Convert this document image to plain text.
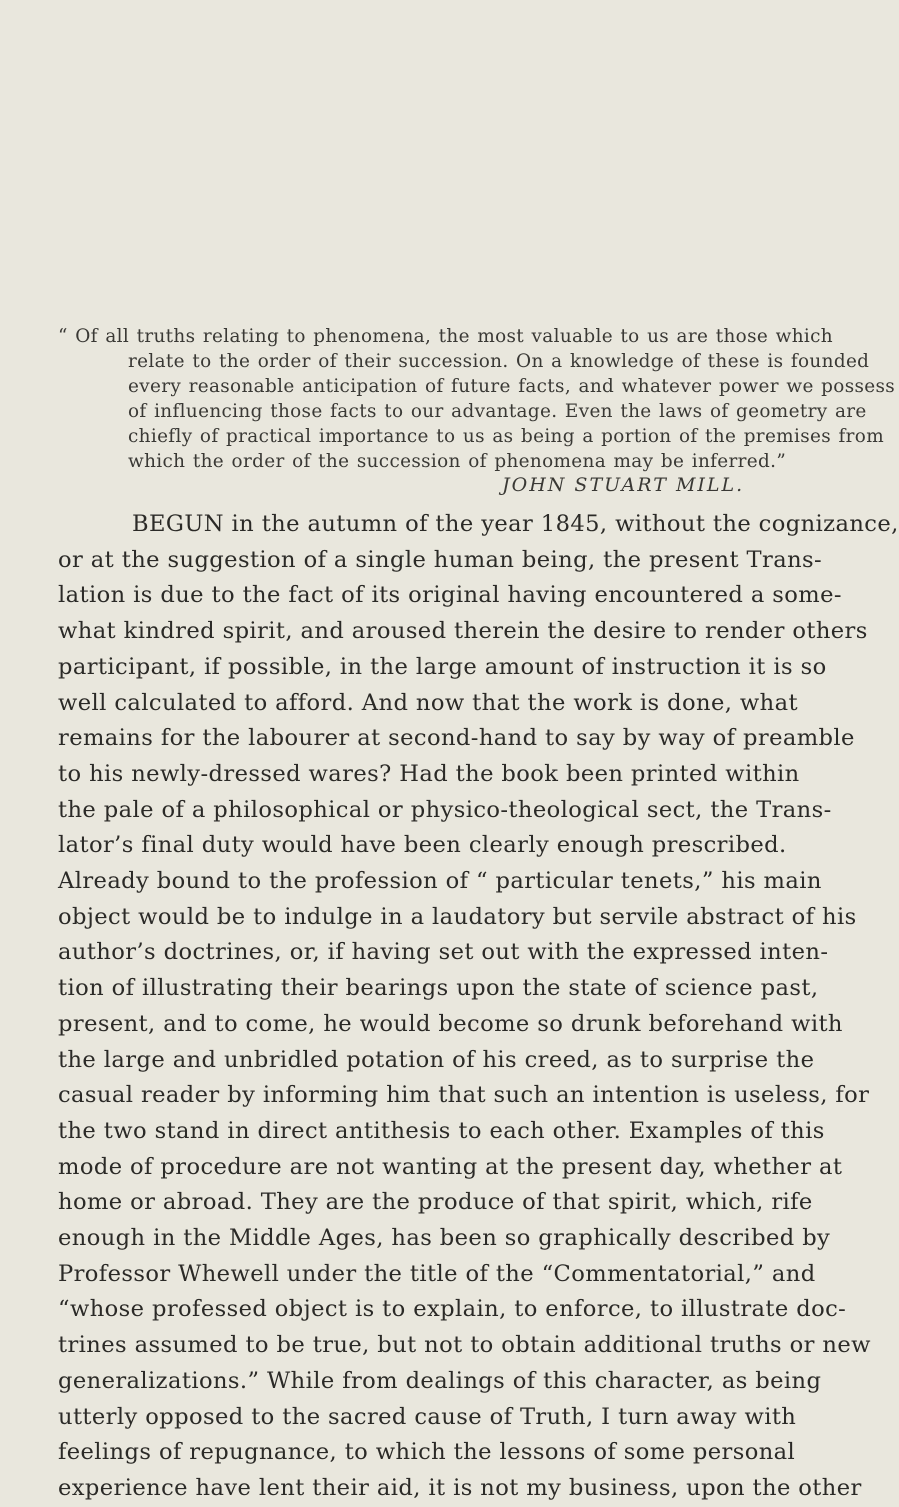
“ Of all truths relating to phenomena, the most valuable to us are those which
relate to the order of their succession. On a knowledge of these is founded
every reasonable anticipation of future facts, and whatever power we possess
of influencing those facts to our advantage. Even the laws of geometry are
chiefly of practical importance to us as being a portion of the premises from
which the order of the succession of phenomena may be inferred.”
JOHN STUART MILL.
BEGUN in the autumn of the year 1845, without the cognizance,
or at the suggestion of a single human being, the present Trans-
lation is due to the fact of its original having encountered a some-
what kindred spirit, and aroused therein the desire to render others
participant, if possible, in the large amount of instruction it is so
well calculated to afford. And now that the work is done, what
remains for the labourer at second-hand to say by way of preamble
to his newly-dressed wares? Had the book been printed within
the pale of a philosophical or physico-theological sect, the Trans-
lator’s final duty would have been clearly enough prescribed.
Already bound to the profession of “ particular tenets,” his main
object would be to indulge in a laudatory but servile abstract of his
author’s doctrines, or, if having set out with the expressed inten-
tion of illustrating their bearings upon the state of science past,
present, and to come, he would become so drunk beforehand with
the large and unbridled potation of his creed, as to surprise the
casual reader by informing him that such an intention is useless, for
the two stand in direct antithesis to each other. Examples of this
mode of procedure are not wanting at the present day, whether at
home or abroad. They are the produce of that spirit, which, rife
enough in the Middle Ages, has been so graphically described by
Professor Whewell under the title of the “Commentatorial,” and
“whose professed object is to explain, to enforce, to illustrate doc-
trines assumed to be true, but not to obtain additional truths or new
generalizations.” While from dealings of this character, as being
utterly opposed to the sacred cause of Truth, I turn away with
feelings of repugnance, to which the lessons of some personal
experience have lent their aid, it is not my business, upon the other
